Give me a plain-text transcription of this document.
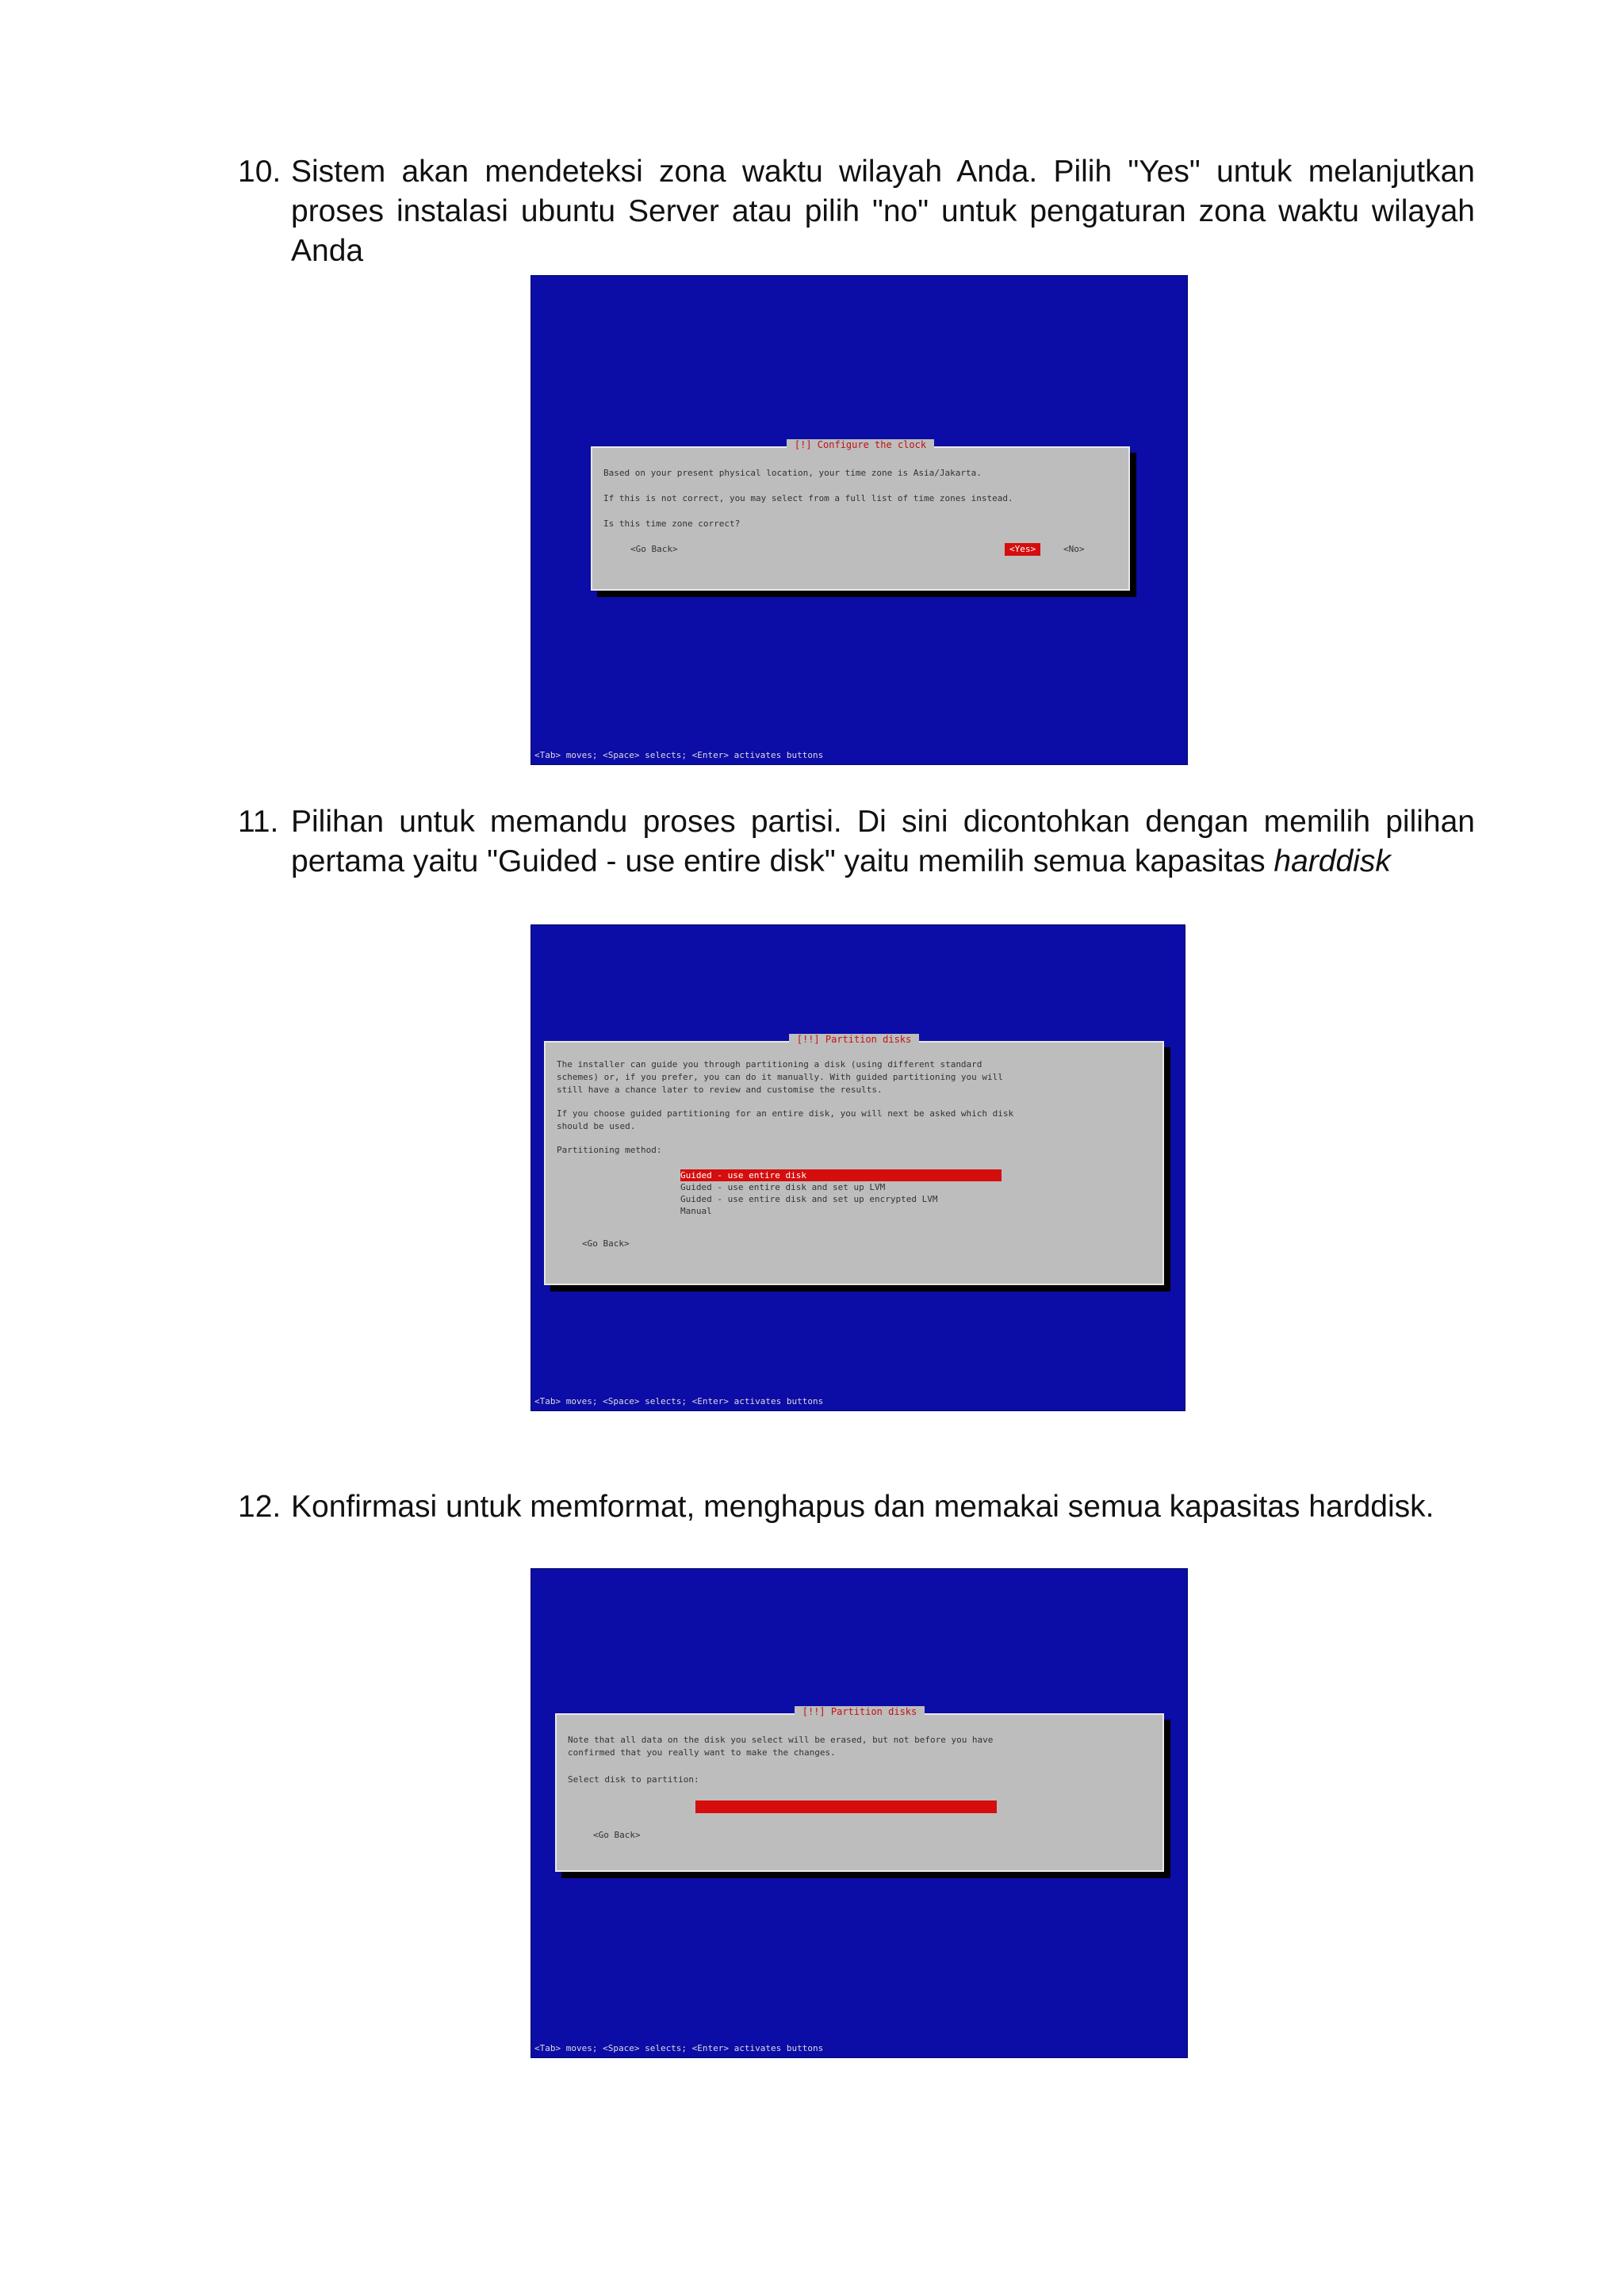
10. Sistem akan mendeteksi zona waktu wilayah Anda. Pilih "Yes" untuk melanjutkan proses instalasi ubuntu Server atau pilih "no" untuk pengaturan zona waktu wilayah Anda
[!] Configure the clock
Based on your present physical location, your time zone is Asia/Jakarta.
If this is not correct, you may select from a full list of time zones instead.
Is this time zone correct?
<Go Back>	<Yes>	<No>
<Tab> moves; <Space> selects; <Enter> activates buttons
11. Pilihan untuk memandu proses partisi. Di sini dicontohkan dengan memilih pilihan pertama yaitu "Guided - use entire disk" yaitu memilih semua kapasitas harddisk
[!!] Partition disks
The installer can guide you through partitioning a disk (using different standard
schemes) or, if you prefer, you can do it manually. With guided partitioning you will
still have a chance later to review and customise the results.
If you choose guided partitioning for an entire disk, you will next be asked which disk
should be used.
Partitioning method:
Guided - use entire disk
Guided - use entire disk and set up LVM
Guided - use entire disk and set up encrypted LVM
Manual
<Go Back>
<Tab> moves; <Space> selects; <Enter> activates buttons
12. Konfirmasi untuk memformat, menghapus dan memakai semua kapasitas harddisk.
[!!] Partition disks
Note that all data on the disk you select will be erased, but not before you have
confirmed that you really want to make the changes.
Select disk to partition:
<Go Back>
<Tab> moves; <Space> selects; <Enter> activates buttons
